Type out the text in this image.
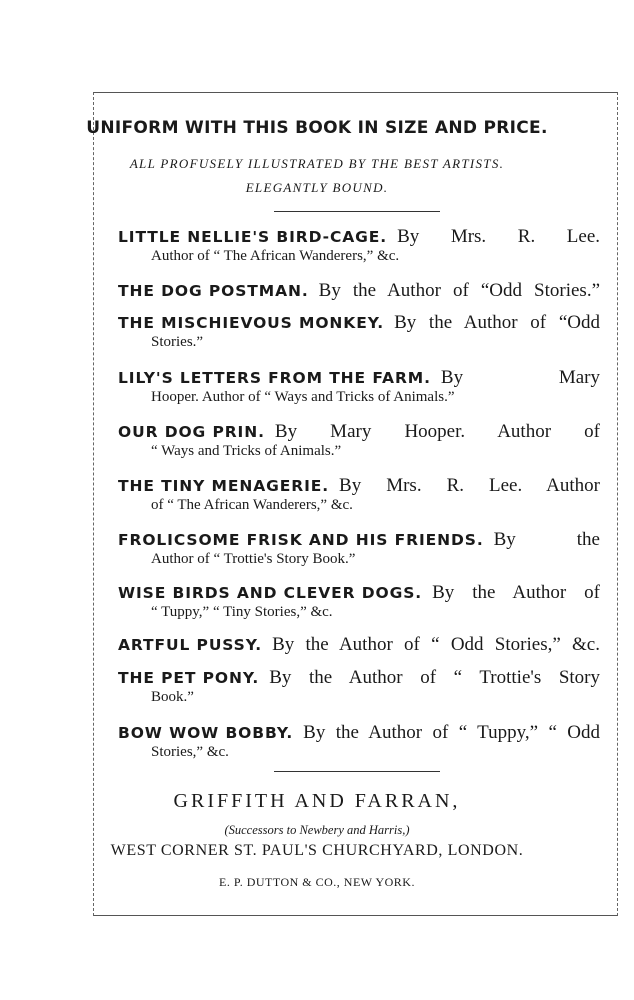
UNIFORM WITH THIS BOOK IN SIZE AND PRICE.
ALL PROFUSELY ILLUSTRATED BY THE BEST ARTISTS.
ELEGANTLY BOUND.
LITTLE NELLIE'S BIRD-CAGE. By Mrs. R. Lee.
Author of “ The African Wanderers,” &c.
THE DOG POSTMAN. By the Author of “Odd Stories.”
THE MISCHIEVOUS MONKEY. By the Author of “Odd
Stories.”
LILY'S LETTERS FROM THE FARM. By Mary
Hooper. Author of “ Ways and Tricks of Animals.”
OUR DOG PRIN. By Mary Hooper. Author of
“ Ways and Tricks of Animals.”
THE TINY MENAGERIE. By Mrs. R. Lee. Author
of “ The African Wanderers,” &c.
FROLICSOME FRISK AND HIS FRIENDS. By the
Author of “ Trottie's Story Book.”
WISE BIRDS AND CLEVER DOGS. By the Author of
“ Tuppy,” “ Tiny Stories,” &c.
ARTFUL PUSSY. By the Author of “ Odd Stories,” &c.
THE PET PONY. By the Author of “ Trottie's Story
Book.”
BOW WOW BOBBY. By the Author of “ Tuppy,” “ Odd
Stories,” &c.
GRIFFITH AND FARRAN,
(Successors to Newbery and Harris,)
WEST CORNER ST. PAUL'S CHURCHYARD, LONDON.
E. P. DUTTON & CO., NEW YORK.
